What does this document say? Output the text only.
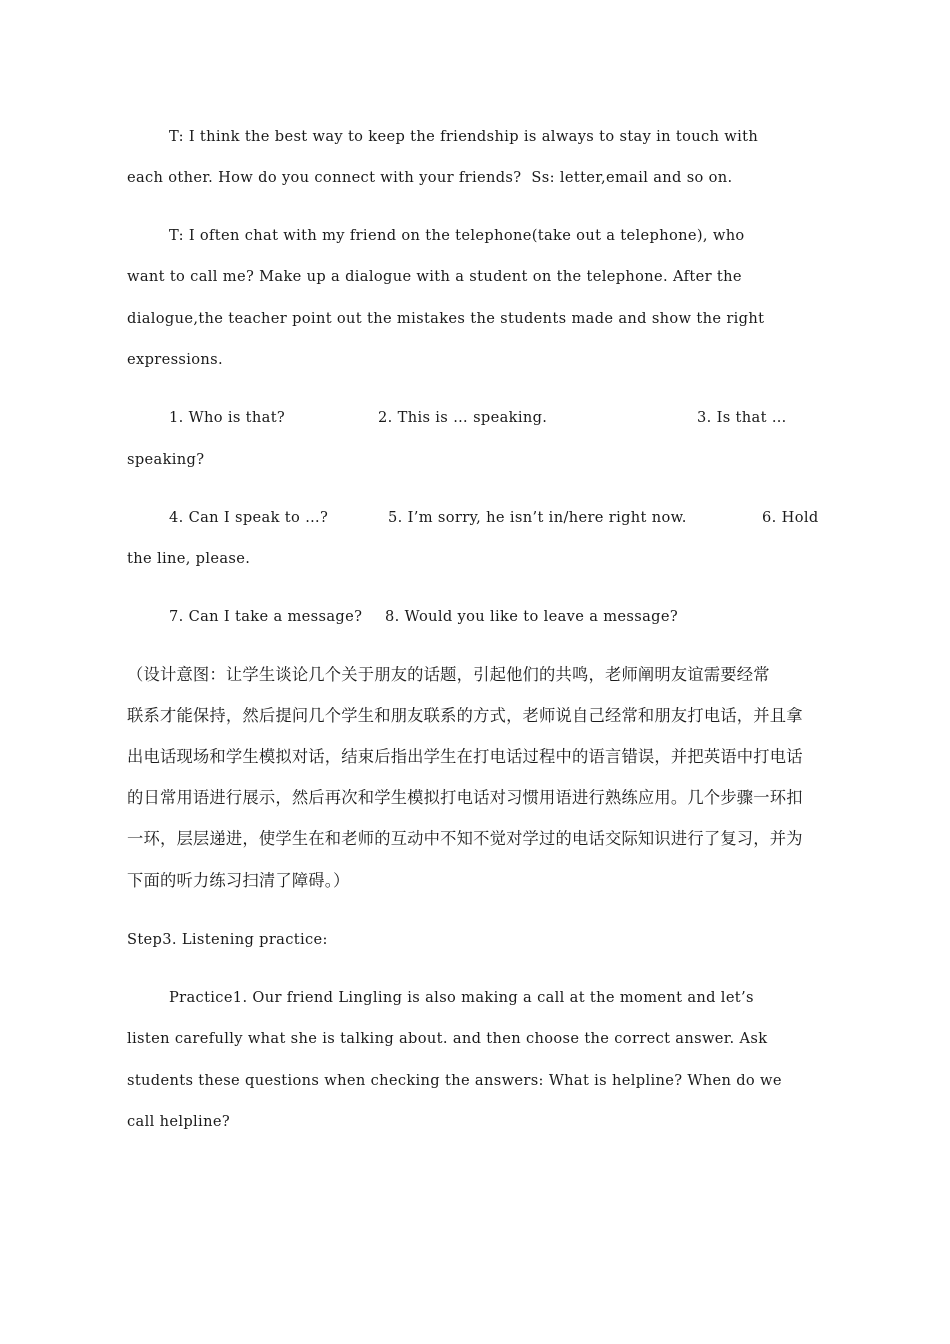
T: I think the best way to keep the friendship is always to stay in touch with
each other. How do you connect with your friends?  Ss: letter,email and so on.
T: I often chat with my friend on the telephone(take out a telephone), who
want to call me? Make up a dialogue with a student on the telephone. After the
dialogue,the teacher point out the mistakes the students made and show the right
expressions.
1. Who is that?	2. This is … speaking.	3. Is that …
speaking?
4. Can I speak to …?	5. I’m sorry, he isn’t in/here right now.	6. Hold
the line, please.
7. Can I take a message? 8. Would you like to leave a message?
（设计意图：让学生谈论几个关于朋友的话题，引起他们的共鸣，老师阐明友谊需要经常
联系才能保持，然后提问几个学生和朋友联系的方式，老师说自己经常和朋友打电话，并且拿
出电话现场和学生模拟对话，结束后指出学生在打电话过程中的语言错误，并把英语中打电话
的日常用语进行展示，然后再次和学生模拟打电话对习惯用语进行熟练应用。几个步骤一环扣
一环，层层递进，使学生在和老师的互动中不知不觉对学过的电话交际知识进行了复习，并为
下面的听力练习扫清了障碍。）
Step3. Listening practice:
Practice1. Our friend Lingling is also making a call at the moment and let’s
listen carefully what she is talking about. and then choose the correct answer. Ask
students these questions when checking the answers: What is helpline? When do we
call helpline?
